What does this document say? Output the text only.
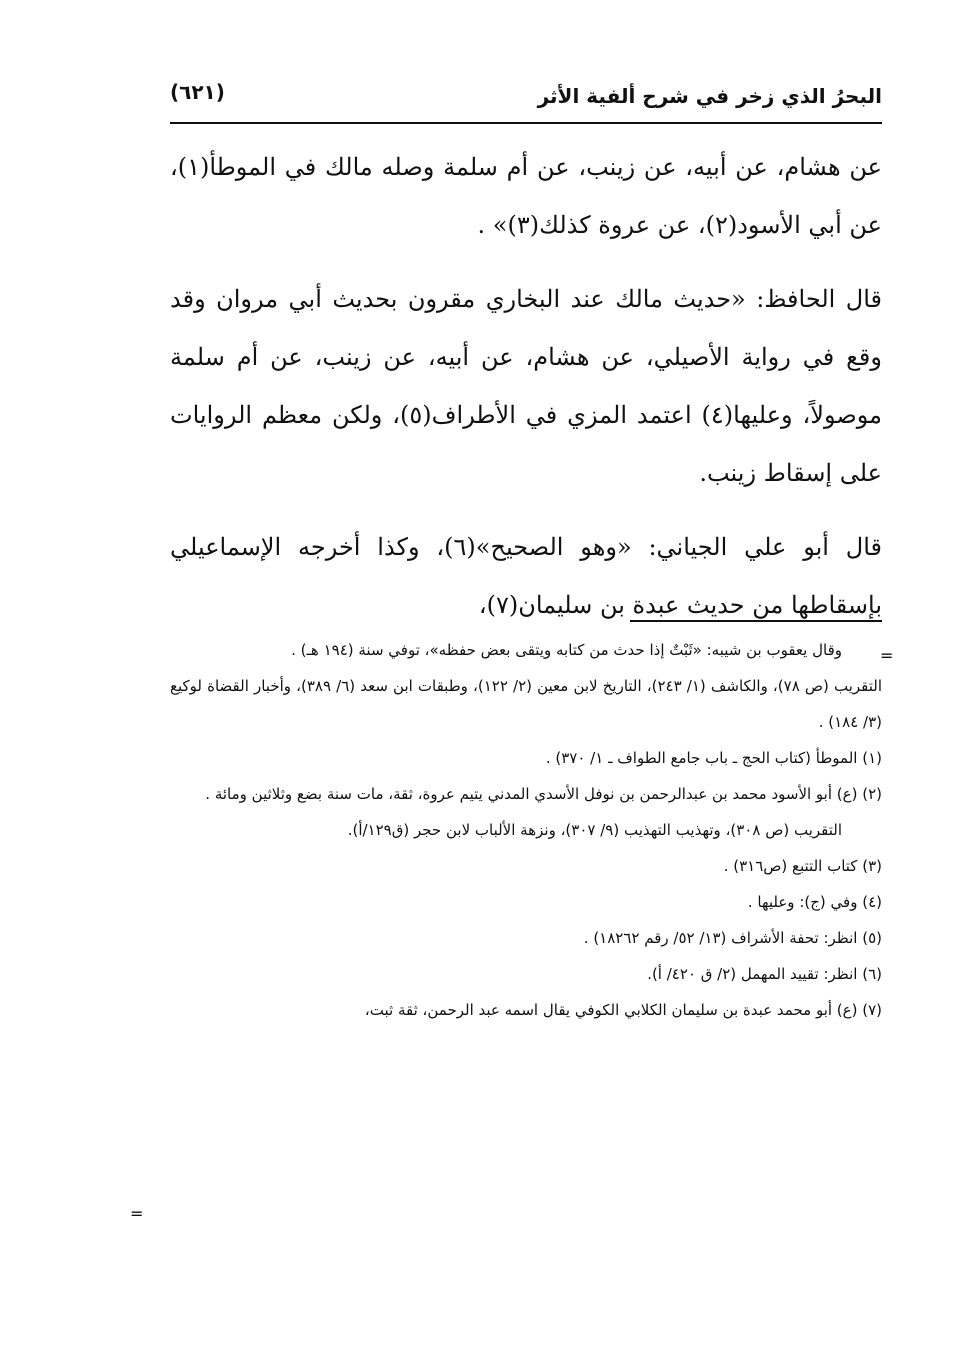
البحرُ الذي زخر في شرح ألفية الأثر
(٦٢١)

عن هشام، عن أبيه، عن زينب، عن أم سلمة وصله مالك في الموطأ(١)، عن أبي الأسود(٢)، عن عروة كذلك(٣)» .

قال الحافظ: «حديث مالك عند البخاري مقرون بحديث أبي مروان وقد وقع في رواية الأصيلي، عن هشام، عن أبيه، عن زينب، عن أم سلمة موصولاً، وعليها(٤) اعتمد المزي في الأطراف(٥)، ولكن معظم الروايات على إسقاط زينب.

قال أبو علي الجياني: «وهو الصحيح»(٦)، وكذا أخرجه الإسماعيلي بإسقاطها من حديث عبدة بن سليمان(٧)،

=

وقال يعقوب بن شيبه: «ثَبْتٌ إذا حدث من كتابه ويتقى بعض حفظه»، توفي سنة (١٩٤ هـ) .

التقريب (ص ٧٨)، والكاشف (١/ ٢٤٣)، التاريخ لابن معين (٢/ ١٢٢)، وطبقات ابن سعد (٦/ ٣٨٩)، وأخبار القضاة لوكيع (٣/ ١٨٤) .

(١) الموطأ (كتاب الحج ـ باب جامع الطواف ـ ١/ ٣٧٠) .

(٢) (ع) أبو الأسود محمد بن عبدالرحمن بن نوفل الأسدي المدني يتيم عروة، ثقة، مات سنة بضع وثلاثين ومائة .

التقريب (ص ٣٠٨)، وتهذيب التهذيب (٩/ ٣٠٧)، ونزهة الألباب لابن حجر (ق١٢٩/أ).

(٣) كتاب التتبع (ص٣١٦) .

(٤) وفي (ج): وعليها .

(٥) انظر: تحفة الأشراف (١٣/ ٥٢/ رقم ١٨٢٦٢) .

(٦) انظر: تقييد المهمل (٢/ ق ٤٢٠/ أ).

(٧) (ع) أبو محمد عبدة بن سليمان الكلابي الكوفي يقال اسمه عبد الرحمن، ثقة ثبت،

=
